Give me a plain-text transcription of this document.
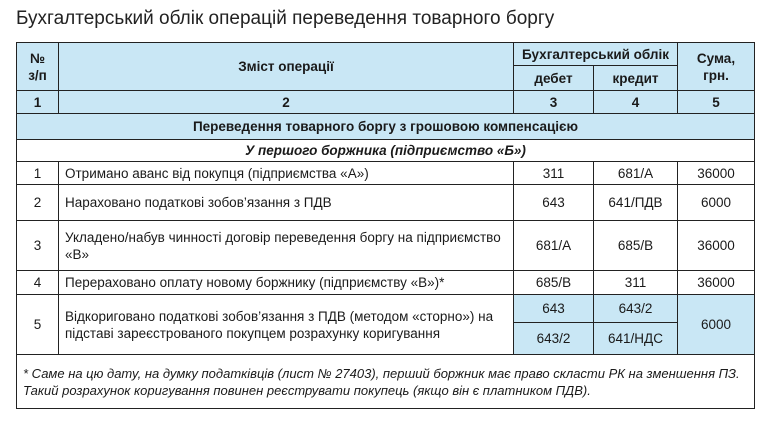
Бухгалтерський облік операцій переведення товарного боргу
№ з/п	Зміст операції	Бухгалтерський облік		Сума, грн.
		дебет	кредит	
1	2	3	4	5
Переведення товарного боргу з грошовою компенсацією				
У першого боржника (підприємство «Б»)				
1	Отримано аванс від покупця (підприємства «А»)	311	681/А	36000
2	Нараховано податкові зобов’язання з ПДВ	643	641/ПДВ	6000
3	Укладено/набув чинності договір переведення боргу на підприємство «В»	681/А	685/В	36000
4	Перераховано оплату новому боржнику (підприємству «В»)*	685/В	311	36000
5	Відкориговано податкові зобов’язання з ПДВ (методом «сторно») на підставі зареєстрованого покупцем розрахунку коригування	643	643/2	6000
		643/2	641/НДС	
* Саме на цю дату, на думку податківців (лист № 27403), перший боржник має право скласти РК на зменшення ПЗ. Такий розрахунок коригування повинен реєструвати покупець (якщо він є платником ПДВ).				
